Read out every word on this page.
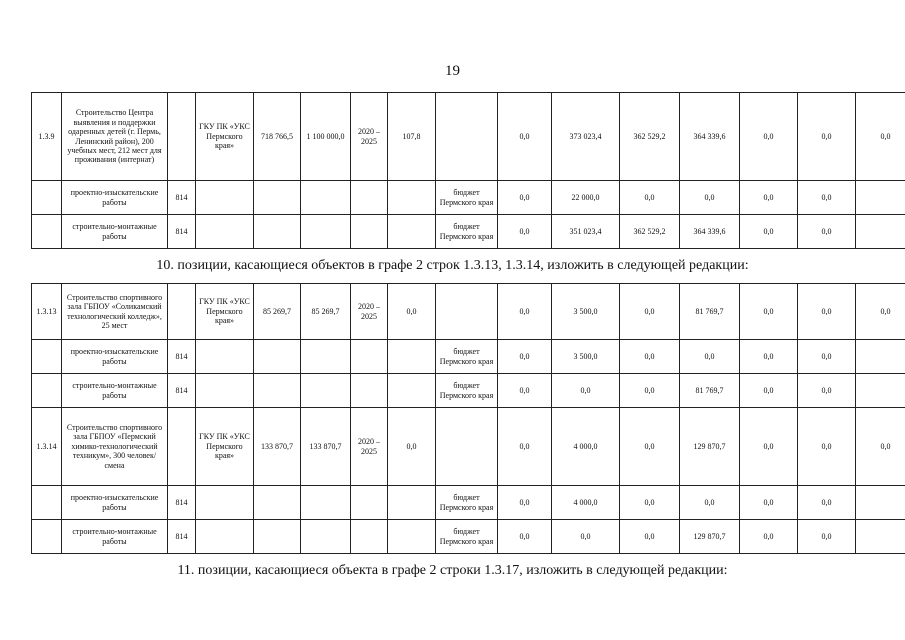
19
1.3.9	Строительство Центра выявления и поддержки одаренных детей (г. Пермь, Ленинский район), 200 учебных мест, 212 мест для проживания (интернат)		ГКУ ПК «УКС Пермского края»	718 766,5	1 100 000,0	2020 – 2025	107,8		0,0	373 023,4	362 529,2	364 339,6	0,0	0,0	0,0
	проектно-изыскательские работы	814						бюджет Пермского края	0,0	22 000,0	0,0	0,0	0,0	0,0	
	строительно-монтажные работы	814						бюджет Пермского края	0,0	351 023,4	362 529,2	364 339,6	0,0	0,0	
10. позиции, касающиеся объектов в графе 2 строк 1.3.13, 1.3.14, изложить в следующей редакции:
1.3.13	Строительство спортивного зала ГБПОУ «Соликамский технологический колледж», 25 мест		ГКУ ПК «УКС Пермского края»	85 269,7	85 269,7	2020 – 2025	0,0		0,0	3 500,0	0,0	81 769,7	0,0	0,0	0,0
	проектно-изыскательские работы	814						бюджет Пермского края	0,0	3 500,0	0,0	0,0	0,0	0,0	
	строительно-монтажные работы	814						бюджет Пермского края	0,0	0,0	0,0	81 769,7	0,0	0,0	
1.3.14	Строительство спортивного зала ГБПОУ «Пермский химико-технологический техникум», 300 человек/смена		ГКУ ПК «УКС Пермского края»	133 870,7	133 870,7	2020 – 2025	0,0		0,0	4 000,0	0,0	129 870,7	0,0	0,0	0,0
	проектно-изыскательские работы	814						бюджет Пермского края	0,0	4 000,0	0,0	0,0	0,0	0,0	
	строительно-монтажные работы	814						бюджет Пермского края	0,0	0,0	0,0	129 870,7	0,0	0,0	
11. позиции, касающиеся объекта в графе 2 строки 1.3.17, изложить в следующей редакции:
